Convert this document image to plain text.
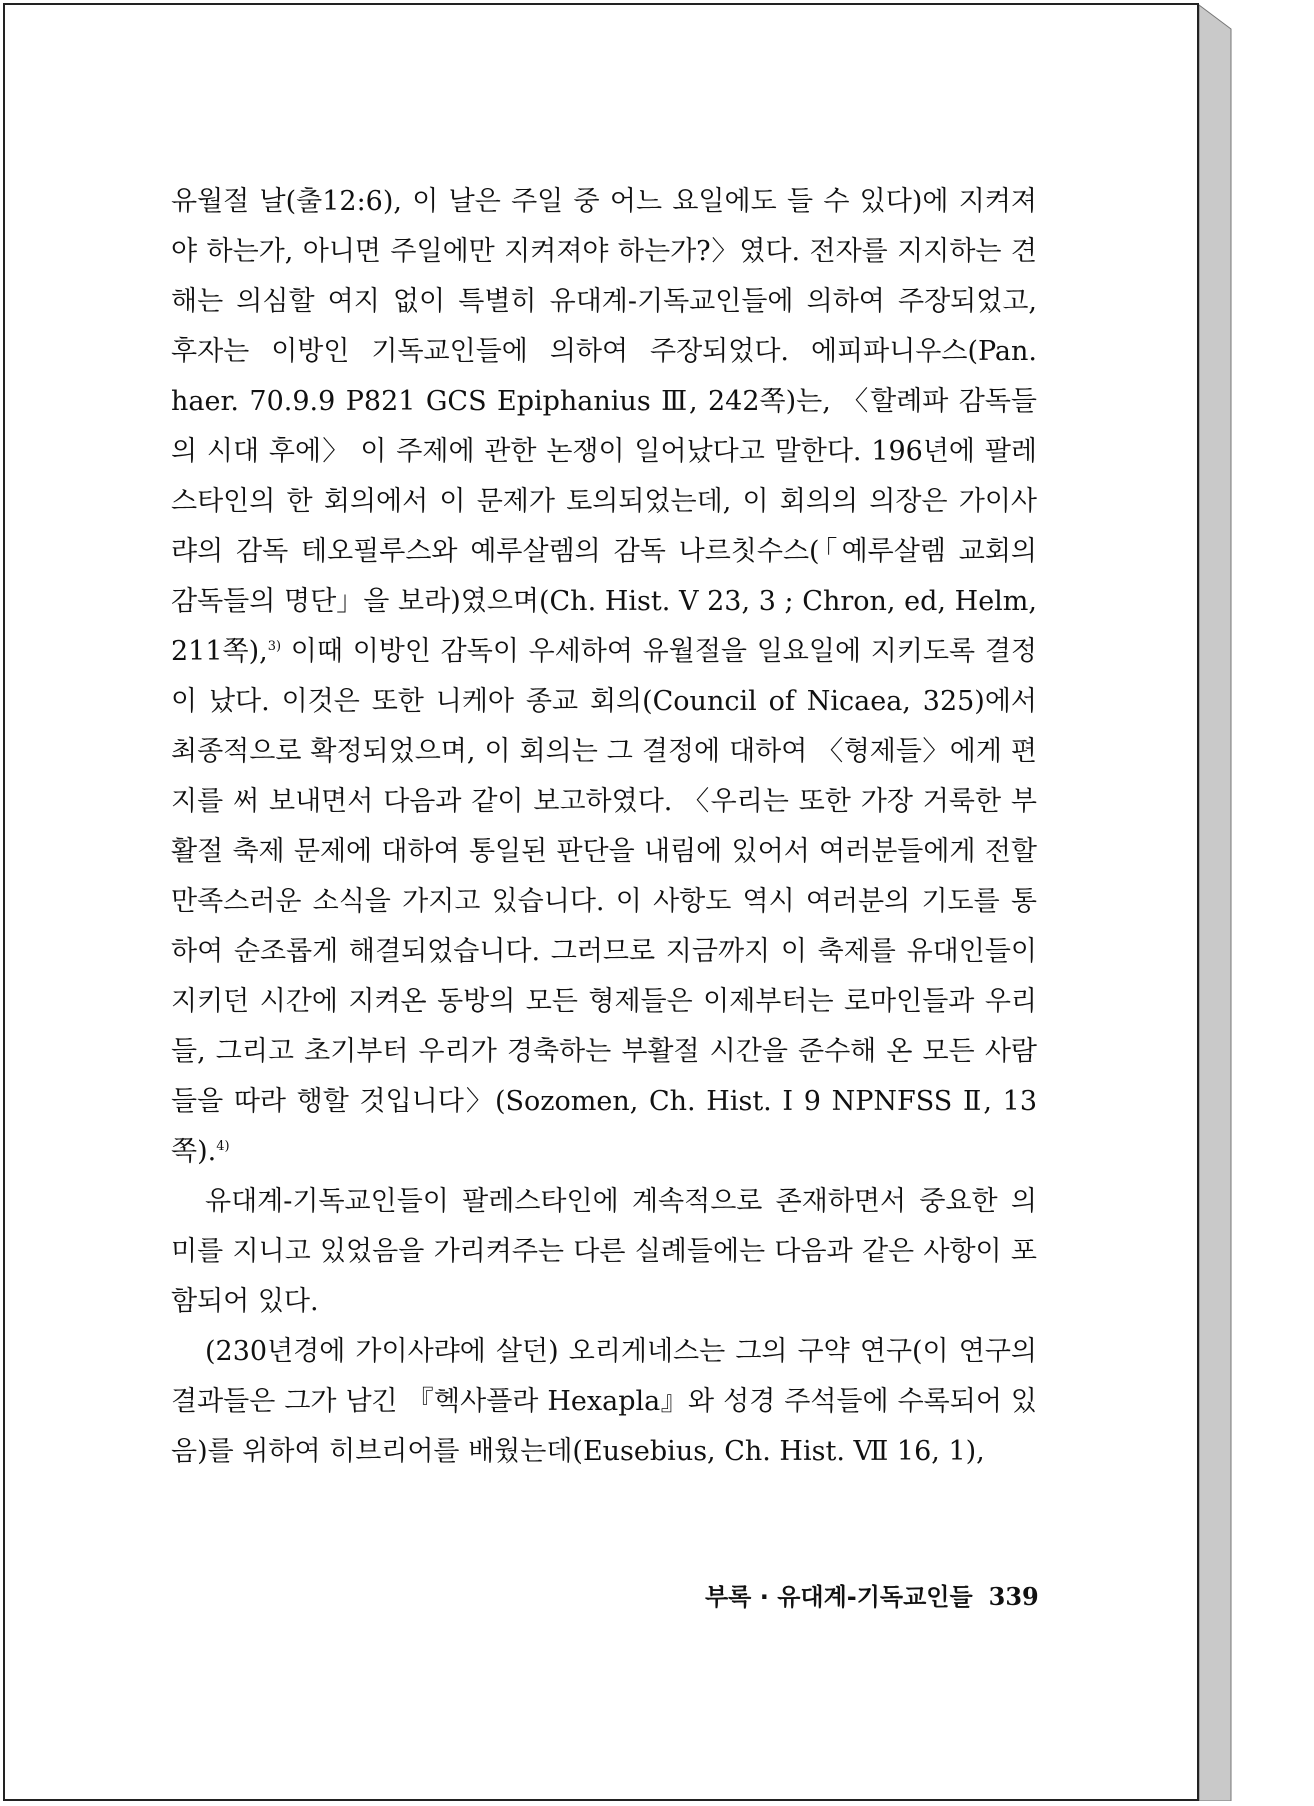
유월절 날(출12:6), 이 날은 주일 중 어느 요일에도 들 수 있다)에 지켜져야 하는가, 아니면 주일에만 지켜져야 하는가?〉였다. 전자를 지지하는 견해는 의심할 여지 없이 특별히 유대계-기독교인들에 의하여 주장되었고, 후자는 이방인 기독교인들에 의하여 주장되었다. 에피파니우스(Pan. haer. 70.9.9 P821 GCS Epiphanius Ⅲ, 242쪽)는, 〈할례파 감독들의 시대 후에〉 이 주제에 관한 논쟁이 일어났다고 말한다. 196년에 팔레스타인의 한 회의에서 이 문제가 토의되었는데, 이 회의의 의장은 가이사랴의 감독 테오필루스와 예루살렘의 감독 나르칫수스(「예루살렘 교회의 감독들의 명단」을 보라)였으며(Ch. Hist. V 23, 3 ; Chron, ed, Helm, 211쪽),$^{3)}$ 이때 이방인 감독이 우세하여 유월절을 일요일에 지키도록 결정이 났다. 이것은 또한 니케아 종교 회의(Council of Nicaea, 325)에서 최종적으로 확정되었으며, 이 회의는 그 결정에 대하여 〈형제들〉에게 편지를 써 보내면서 다음과 같이 보고하였다. 〈우리는 또한 가장 거룩한 부활절 축제 문제에 대하여 통일된 판단을 내림에 있어서 여러분들에게 전할 만족스러운 소식을 가지고 있습니다. 이 사항도 역시 여러분의 기도를 통하여 순조롭게 해결되었습니다. 그러므로 지금까지 이 축제를 유대인들이 지키던 시간에 지켜온 동방의 모든 형제들은 이제부터는 로마인들과 우리들, 그리고 초기부터 우리가 경축하는 부활절 시간을 준수해 온 모든 사람들을 따라 행할 것입니다〉(Sozomen, Ch. Hist. I 9 NPNFSS Ⅱ, 13쪽).$^{4)}$

유대계-기독교인들이 팔레스타인에 계속적으로 존재하면서 중요한 의미를 지니고 있었음을 가리켜주는 다른 실례들에는 다음과 같은 사항이 포함되어 있다.

(230년경에 가이사랴에 살던) 오리게네스는 그의 구약 연구(이 연구의 결과들은 그가 남긴 『헥사플라 Hexapla』와 성경 주석들에 수록되어 있음)를 위하여 히브리어를 배웠는데(Eusebius, Ch. Hist. Ⅶ 16, 1),

부록 · 유대계-기독교인들 339
